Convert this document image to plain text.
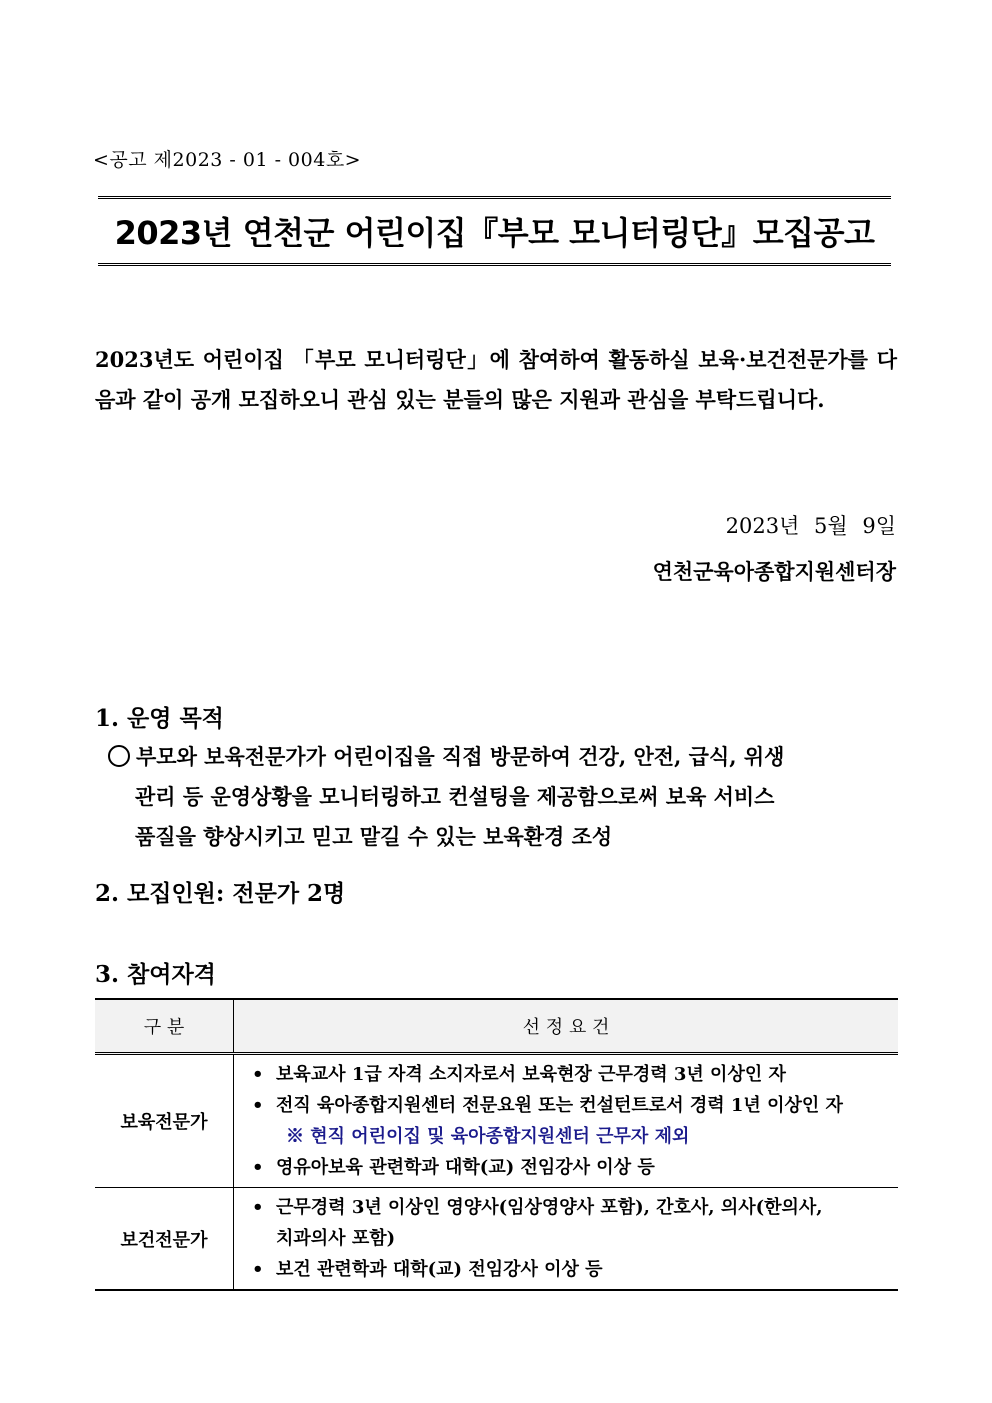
<공고 제2023 - 01 - 004호>
2023년 연천군 어린이집『부모 모니터링단』모집공고
2023년도 어린이집 「부모 모니터링단」에 참여하여 활동하실 보육·보건전문가를 다음과 같이 공개 모집하오니 관심 있는 분들의 많은 지원과 관심을 부탁드립니다.
2023년 5월 9일
연천군육아종합지원센터장
1. 운영 목적
부모와 보육전문가가 어린이집을 직접 방문하여 건강, 안전, 급식, 위생
관리 등 운영상황을 모니터링하고 컨설팅을 제공함으로써 보육 서비스
품질을 향상시키고 믿고 맡길 수 있는 보육환경 조성
2. 모집인원: 전문가 2명
3. 참여자격
구 분	선 정 요 건
보육전문가	• 보육교사 1급 자격 소지자로서 보육현장 근무경력 3년 이상인 자
• 전직 육아종합지원센터 전문요원 또는 컨설턴트로서 경력 1년 이상인 자
※ 현직 어린이집 및 육아종합지원센터 근무자 제외
• 영유아보육 관련학과 대학(교) 전임강사 이상 등

보건전문가	• 근무경력 3년 이상인 영양사(임상영양사 포함), 간호사, 의사(한의사,
치과의사 포함)
• 보건 관련학과 대학(교) 전임강사 이상 등
